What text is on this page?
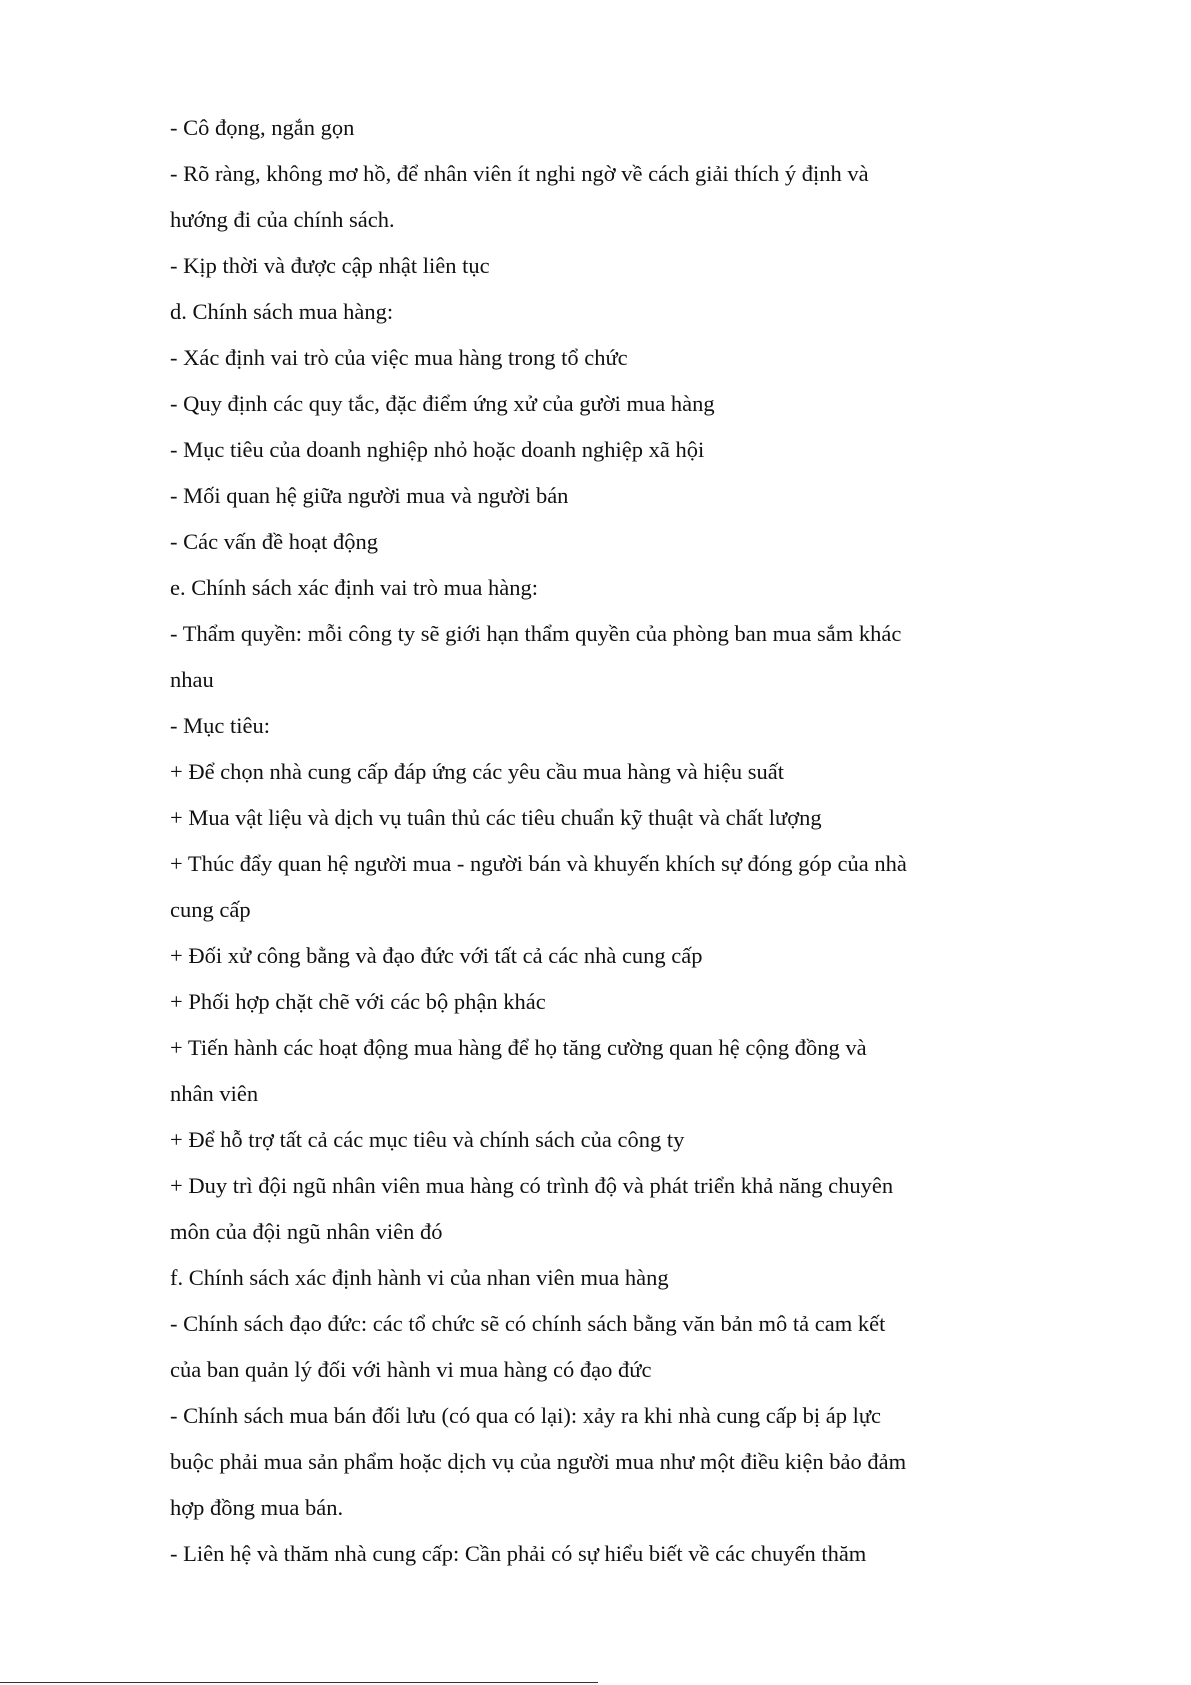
- Cô đọng, ngắn gọn
- Rõ ràng, không mơ hồ, để nhân viên ít nghi ngờ về cách giải thích ý định và
hướng đi của chính sách.
- Kịp thời và được cập nhật liên tục
d. Chính sách mua hàng:
- Xác định vai trò của việc mua hàng trong tổ chức
- Quy định các quy tắc, đặc điểm ứng xử của gười mua hàng
- Mục tiêu của doanh nghiệp nhỏ hoặc doanh nghiệp xã hội
- Mối quan hệ giữa người mua và người bán
- Các vấn đề hoạt động
e. Chính sách xác định vai trò mua hàng:
- Thẩm quyền: mỗi công ty sẽ giới hạn thẩm quyền của phòng ban mua sắm khác
nhau
- Mục tiêu:
+ Để chọn nhà cung cấp đáp ứng các yêu cầu mua hàng và hiệu suất
+ Mua vật liệu và dịch vụ tuân thủ các tiêu chuẩn kỹ thuật và chất lượng
+ Thúc đẩy quan hệ người mua - người bán và khuyến khích sự đóng góp của nhà
cung cấp
+ Đối xử công bằng và đạo đức với tất cả các nhà cung cấp
+ Phối hợp chặt chẽ với các bộ phận khác
+ Tiến hành các hoạt động mua hàng để họ tăng cường quan hệ cộng đồng và
nhân viên
+ Để hỗ trợ tất cả các mục tiêu và chính sách của công ty
+ Duy trì đội ngũ nhân viên mua hàng có trình độ và phát triển khả năng chuyên
môn của đội ngũ nhân viên đó
f. Chính sách xác định hành vi của nhan viên mua hàng
- Chính sách đạo đức: các tổ chức sẽ có chính sách bằng văn bản mô tả cam kết
của ban quản lý đối với hành vi mua hàng có đạo đức
- Chính sách mua bán đối lưu (có qua có lại): xảy ra khi nhà cung cấp bị áp lực
buộc phải mua sản phẩm hoặc dịch vụ của người mua như một điều kiện bảo đảm
hợp đồng mua bán.
- Liên hệ và thăm nhà cung cấp: Cần phải có sự hiểu biết về các chuyến thăm
